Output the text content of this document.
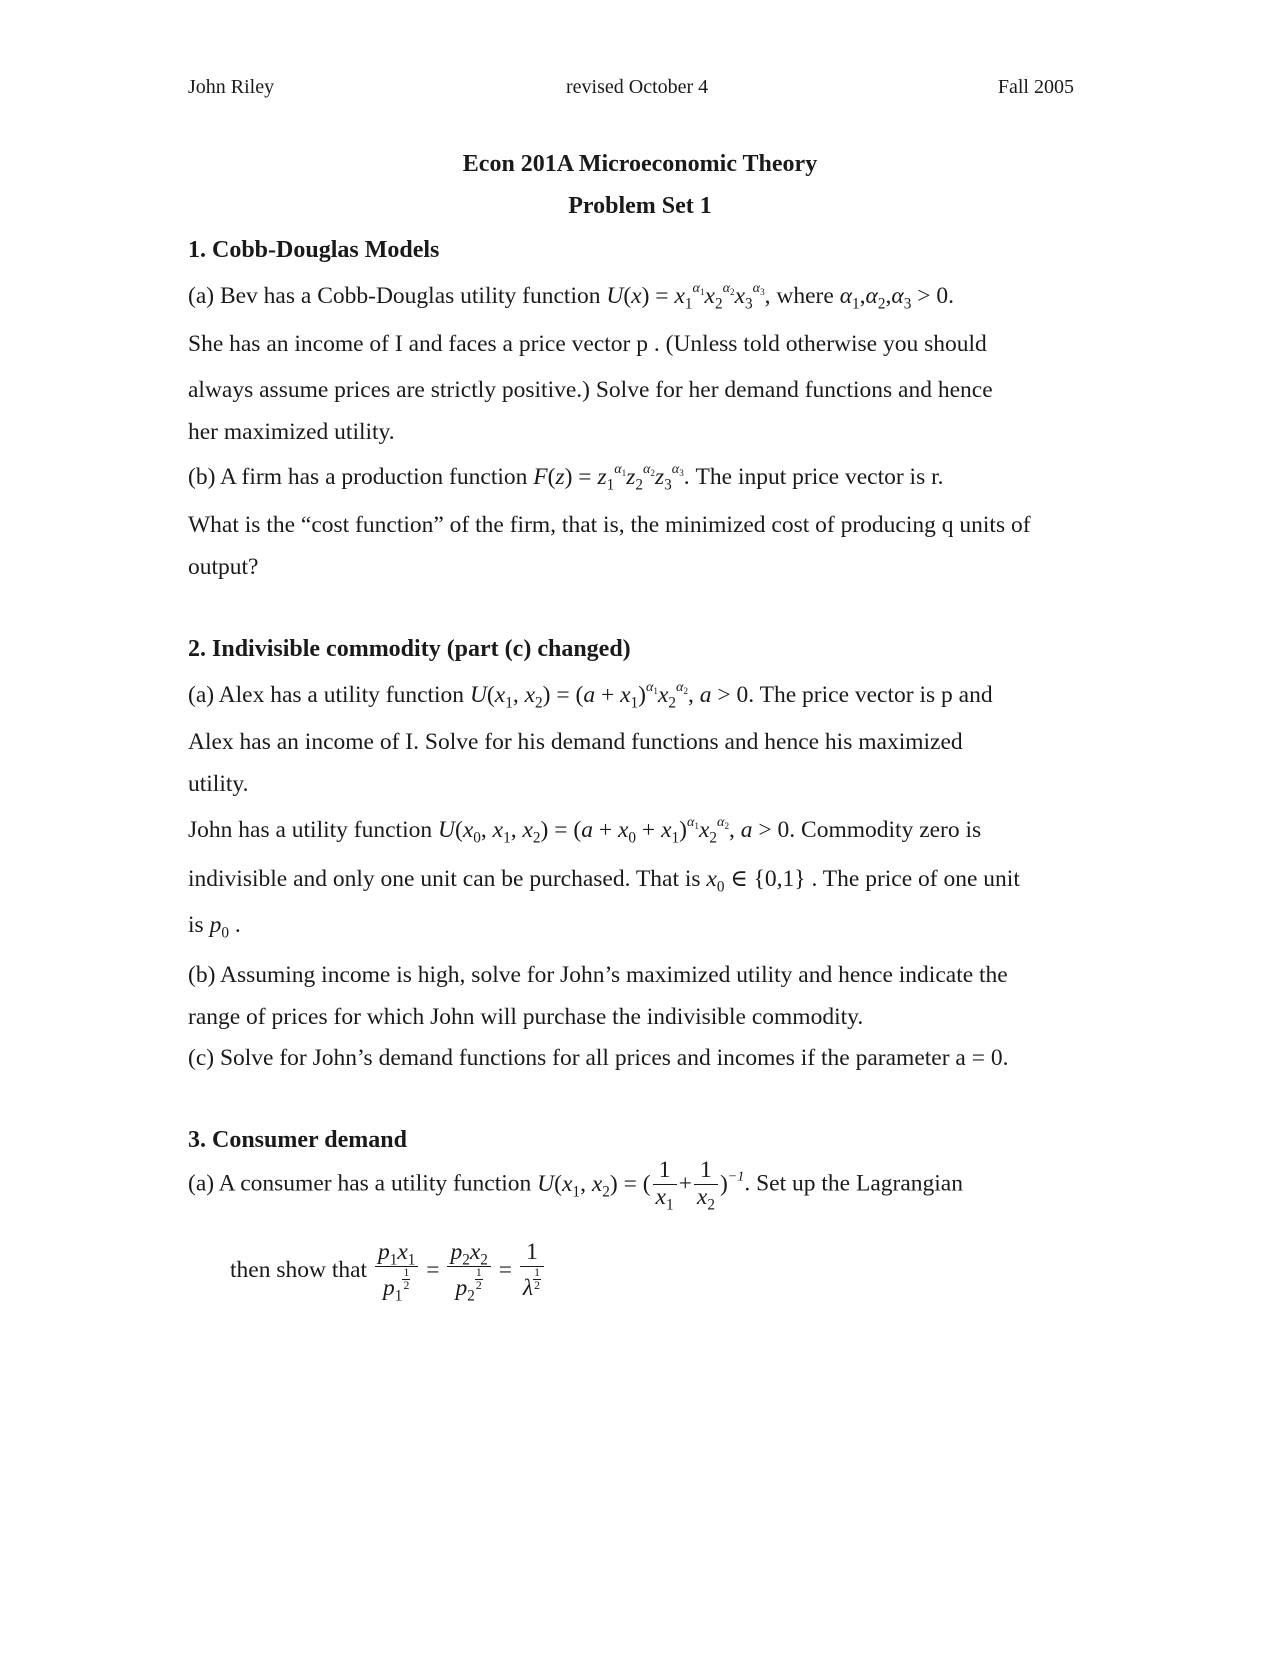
John Riley	revised October 4	Fall 2005
Econ 201A Microeconomic Theory
Problem Set 1
1. Cobb-Douglas Models
(a) Bev has a Cobb-Douglas utility function $U(x) = x_1^{\alpha_1}x_2^{\alpha_2}x_3^{\alpha_3}$, where $\alpha_1,\alpha_2,\alpha_3 > 0$.
She has an income of I and faces a price vector p . (Unless told otherwise you should
always assume prices are strictly positive.) Solve for her demand functions and hence
her maximized utility.
(b) A firm has a production function $F(z) = z_1^{\alpha_1}z_2^{\alpha_2}z_3^{\alpha_3}$. The input price vector is r.
What is the “cost function” of the firm, that is, the minimized cost of producing q units of
output?
2. Indivisible commodity (part (c) changed)
(a) Alex has a utility function $U(x_1$, $x_2) = (a + x_1)^{\alpha_1}x_2^{\alpha_2}$, a > 0. The price vector is p and
Alex has an income of I. Solve for his demand functions and hence his maximized
utility.
John has a utility function $U(x_0$, $x_1$, $x_2) = (a + x_0 + x_1)^{\alpha_1}x_2^{\alpha_2}$, a > 0. Commodity zero is
indivisible and only one unit can be purchased. That is $x_0$ ∈ {0,1} . The price of one unit
is $p_0$ .
(b) Assuming income is high, solve for John’s maximized utility and hence indicate the
range of prices for which John will purchase the indivisible commodity.
(c) Solve for John’s demand functions for all prices and incomes if the parameter a = 0.
3. Consumer demand
(a) A consumer has a utility function $U(x_1$, $x_2$) = ( $\frac{1}{x_1} + \frac{1}{x_2} )^{-1}$. Set up the Lagrangian
then show that $p_1x_1$
$p_1$
$\frac{1}{2} = p_2x_2$
$p_2$
$\frac{1}{2} = \frac{1}{\lambda \frac{1}{2}}$
